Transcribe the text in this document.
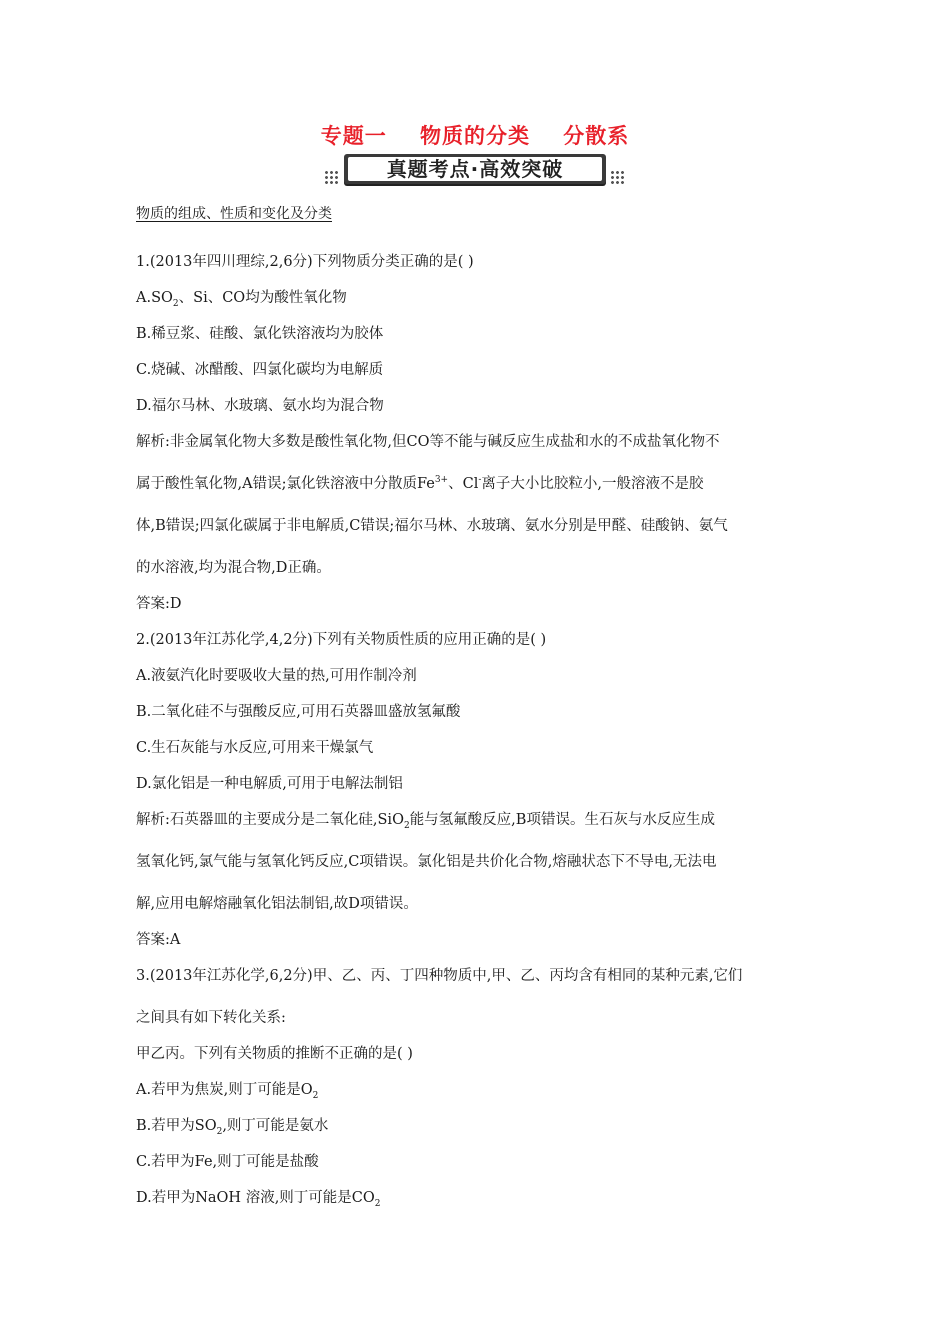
专题一    物质的分类    分散系
真题考点·高效突破
物质的组成、性质和变化及分类
1.(2013年四川理综,2,6分)下列物质分类正确的是( )
$A.SO_2$、Si、CO均为酸性氧化物
B.稀豆浆、硅酸、氯化铁溶液均为胶体
C.烧碱、冰醋酸、四氯化碳均为电解质
D.福尔马林、水玻璃、氨水均为混合物
解析:非金属氧化物大多数是酸性氧化物,但CO等不能与碱反应生成盐和水的不成盐氧化物不
属于酸性氧化物,A错误;氯化铁溶液中分散质$Fe^{3+}$、Cl-离子大小比胶粒小,一般溶液不是胶
体,B错误;四氯化碳属于非电解质,C错误;福尔马林、水玻璃、氨水分别是甲醛、硅酸钠、氨气
的水溶液,均为混合物,D正确。
答案:D
2.(2013年江苏化学,4,2分)下列有关物质性质的应用正确的是( )
A.液氨汽化时要吸收大量的热,可用作制冷剂
B.二氧化硅不与强酸反应,可用石英器皿盛放氢氟酸
C.生石灰能与水反应,可用来干燥氯气
D.氯化铝是一种电解质,可用于电解法制铝
解析:石英器皿的主要成分是二氧化硅,SiO$_2$能与氢氟酸反应,B项错误。生石灰与水反应生成
氢氧化钙,氯气能与氢氧化钙反应,C项错误。氯化铝是共价化合物,熔融状态下不导电,无法电
解,应用电解熔融氧化铝法制铝,故D项错误。
答案:A
3.(2013年江苏化学,6,2分)甲、乙、丙、丁四种物质中,甲、乙、丙均含有相同的某种元素,它们
之间具有如下转化关系:
甲乙丙。下列有关物质的推断不正确的是( )
A.若甲为焦炭,则丁可能是$O_2$
B.若甲为$SO_2$,则丁可能是氨水
C.若甲为Fe,则丁可能是盐酸
D.若甲为NaOH 溶液,则丁可能是$CO_2$
